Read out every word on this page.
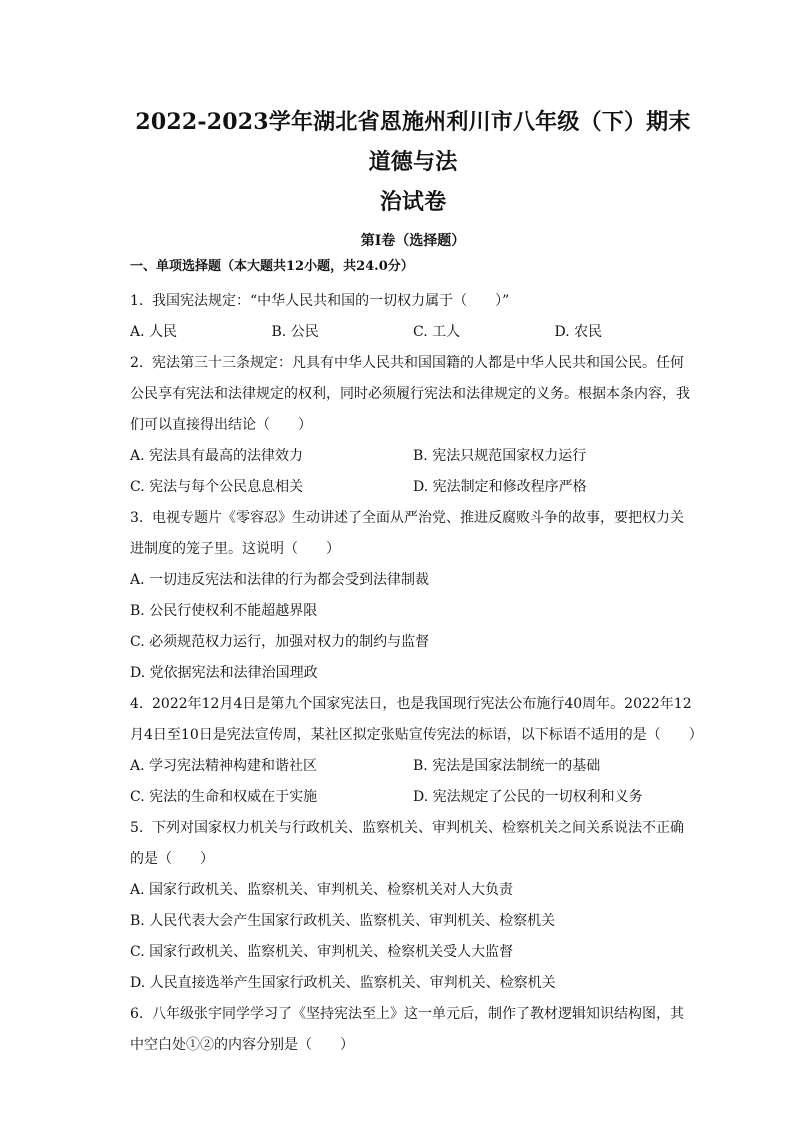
2022-2023学年湖北省恩施州利川市八年级（下）期末道德与法
治试卷
第I卷（选择题）
一、单项选择题（本大题共12小题，共24.0分）
1. 我国宪法规定：“中华人民共和国的一切权力属于（　　）”
A. 人民	B. 公民	C. 工人	D. 农民
2. 宪法第三十三条规定：凡具有中华人民共和国国籍的人都是中华人民共和国公民。任何
公民享有宪法和法律规定的权利，同时必须履行宪法和法律规定的义务。根据本条内容，我
们可以直接得出结论（　　）
A. 宪法具有最高的法律效力	B. 宪法只规范国家权力运行
C. 宪法与每个公民息息相关	D. 宪法制定和修改程序严格
3. 电视专题片《零容忍》生动讲述了全面从严治党、推进反腐败斗争的故事，要把权力关
进制度的笼子里。这说明（　　）
A. 一切违反宪法和法律的行为都会受到法律制裁
B. 公民行使权利不能超越界限
C. 必须规范权力运行，加强对权力的制约与监督
D. 党依据宪法和法律治国理政
4. 2022年12月4日是第九个国家宪法日，也是我国现行宪法公布施行40周年。2022年12
月4日至10日是宪法宣传周，某社区拟定张贴宣传宪法的标语，以下标语不适用的是（　　）
A. 学习宪法精神构建和谐社区	B. 宪法是国家法制统一的基础
C. 宪法的生命和权威在于实施	D. 宪法规定了公民的一切权利和义务
5. 下列对国家权力机关与行政机关、监察机关、审判机关、检察机关之间关系说法不正确
的是（　　）
A. 国家行政机关、监察机关、审判机关、检察机关对人大负责
B. 人民代表大会产生国家行政机关、监察机关、审判机关、检察机关
C. 国家行政机关、监察机关、审判机关、检察机关受人大监督
D. 人民直接选举产生国家行政机关、监察机关、审判机关、检察机关
6. 八年级张宇同学学习了《坚持宪法至上》这一单元后，制作了教材逻辑知识结构图，其
中空白处①②的内容分别是（　　）
